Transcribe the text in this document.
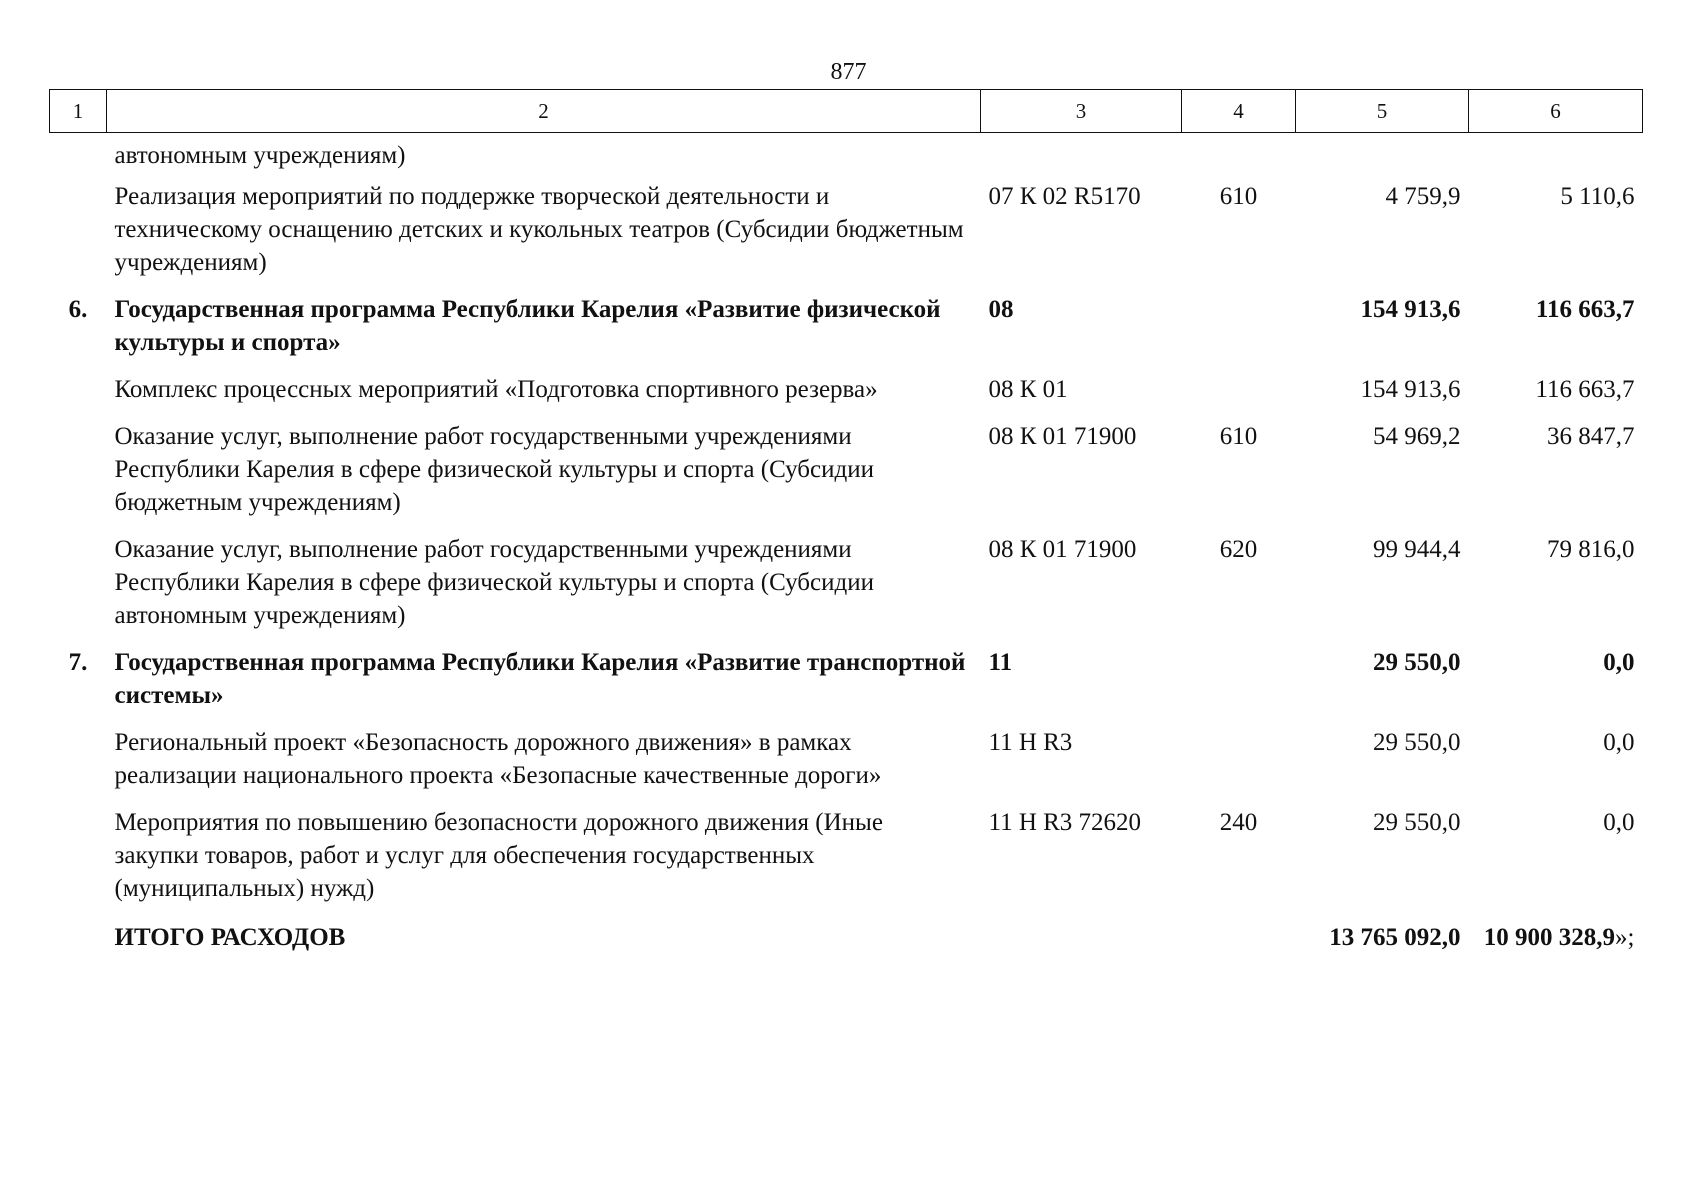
877
1	2	3	4	5	6
	автономным учреждениям)				
	Реализация мероприятий по поддержке творческой деятельности и техническому оснащению детских и кукольных театров (Субсидии бюджетным учреждениям)	07 К 02 R5170	610	4 759,9	5 110,6
6.	Государственная программа Республики Карелия «Развитие физической культуры и спорта»	08		154 913,6	116 663,7
	Комплекс процессных мероприятий «Подготовка спортивного резерва»	08 К 01		154 913,6	116 663,7
	Оказание услуг, выполнение работ государственными учреждениями Республики Карелия в сфере физической культуры и спорта (Субсидии бюджетным учреждениям)	08 К 01 71900	610	54 969,2	36 847,7
	Оказание услуг, выполнение работ государственными учреждениями Республики Карелия в сфере физической культуры и спорта (Субсидии автономным учреждениям)	08 К 01 71900	620	99 944,4	79 816,0
7.	Государственная программа Республики Карелия «Развитие транспортной системы»	11		29 550,0	0,0
	Региональный проект «Безопасность дорожного движения» в рамках реализации национального проекта «Безопасные качественные дороги»	11 Н R3		29 550,0	0,0
	Мероприятия по повышению безопасности дорожного движения (Иные закупки товаров, работ и услуг для обеспечения государственных (муниципальных) нужд)	11 Н R3 72620	240	29 550,0	0,0
	ИТОГО РАСХОДОВ			13 765 092,0	10 900 328,9»;
